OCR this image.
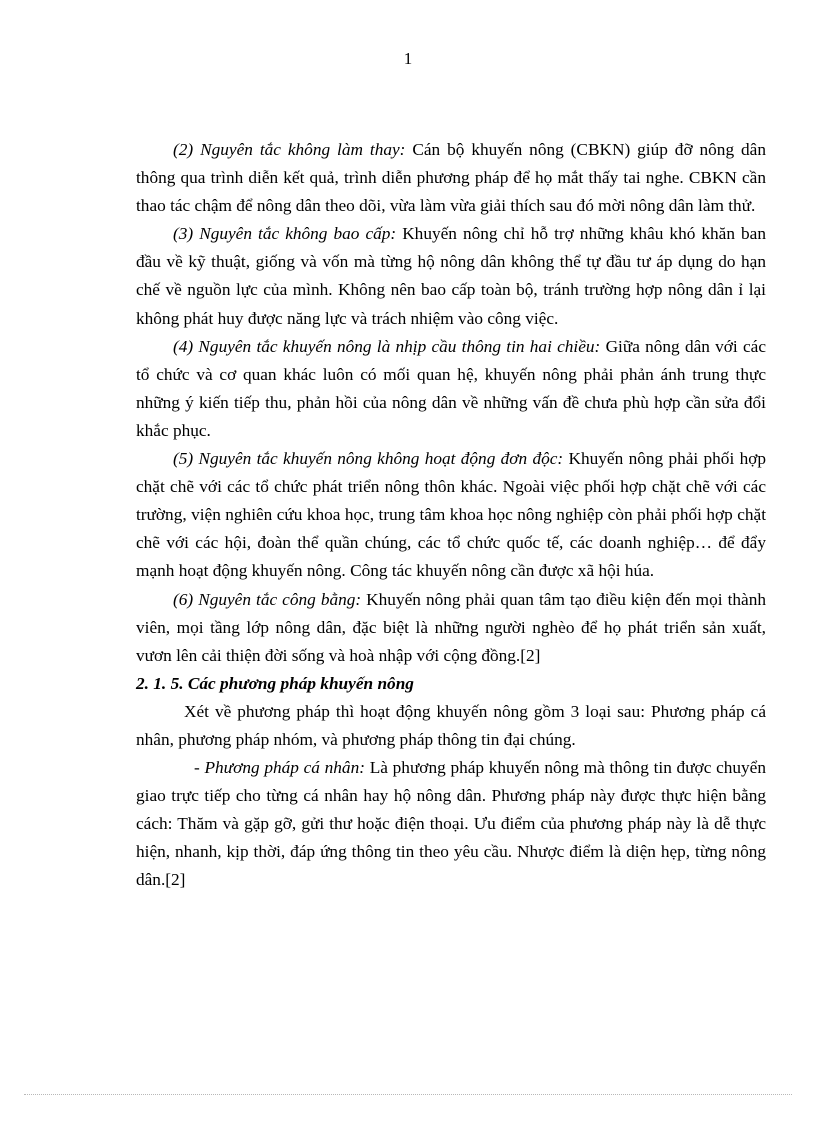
1

(2) Nguyên tắc không làm thay: Cán bộ khuyến nông (CBKN) giúp đỡ nông dân thông qua trình diễn kết quả, trình diễn phương pháp để họ mắt thấy tai nghe. CBKN cần thao tác chậm để nông dân theo dõi, vừa làm vừa giải thích sau đó mời nông dân làm thử.

(3) Nguyên tắc không bao cấp: Khuyến nông chỉ hỗ trợ những khâu khó khăn ban đầu về kỹ thuật, giống và vốn mà từng hộ nông dân không thể tự đầu tư áp dụng do hạn chế về nguồn lực của mình. Không nên bao cấp toàn bộ, tránh trường hợp nông dân ỉ lại không phát huy được năng lực và trách nhiệm vào công việc.

(4) Nguyên tắc khuyến nông là nhịp cầu thông tin hai chiều: Giữa nông dân với các tổ chức và cơ quan khác luôn có mối quan hệ, khuyến nông phải phản ánh trung thực những ý kiến tiếp thu, phản hồi của nông dân về những vấn đề chưa phù hợp cần sửa đổi khắc phục.

(5) Nguyên tắc khuyến nông không hoạt động đơn độc: Khuyến nông phải phối hợp chặt chẽ với các tổ chức phát triển nông thôn khác. Ngoài việc phối hợp chặt chẽ với các trường, viện nghiên cứu khoa học, trung tâm khoa học nông nghiệp còn phải phối hợp chặt chẽ với các hội, đoàn thể quần chúng, các tổ chức quốc tế, các doanh nghiệp… để đẩy mạnh hoạt động khuyến nông. Công tác khuyến nông cần được xã hội húa.

(6) Nguyên tắc công bằng: Khuyến nông phải quan tâm tạo điều kiện đến mọi thành viên, mọi tầng lớp nông dân, đặc biệt là những người nghèo để họ phát triển sản xuất, vươn lên cải thiện đời sống và hoà nhập với cộng đồng.[2]

2. 1. 5. Các phương pháp khuyến nông

Xét về phương pháp thì hoạt động khuyến nông gồm 3 loại sau: Phương pháp cá nhân, phương pháp nhóm, và phương pháp thông tin đại chúng.

- Phương pháp cá nhân: Là phương pháp khuyến nông mà thông tin được chuyển giao trực tiếp cho từng cá nhân hay hộ nông dân. Phương pháp này được thực hiện bằng cách: Thăm và gặp gỡ, gửi thư hoặc điện thoại. Ưu điểm của phương pháp này là dễ thực hiện, nhanh, kịp thời, đáp ứng thông tin theo yêu cầu. Nhược điểm là diện hẹp, từng nông dân.[2]
